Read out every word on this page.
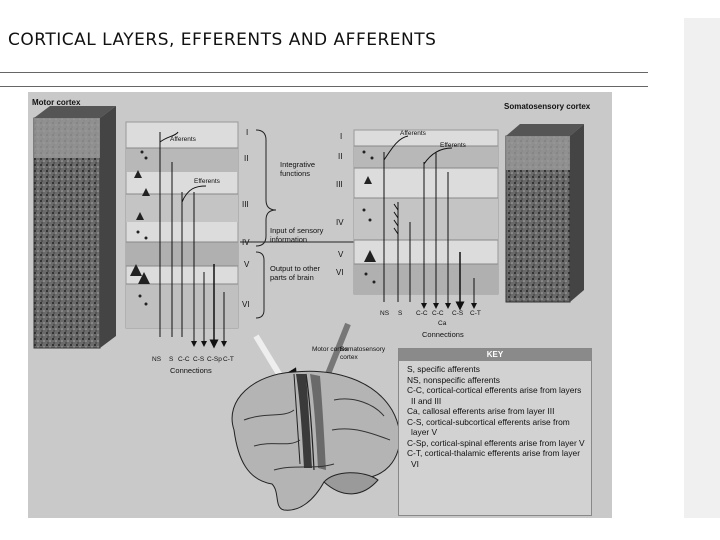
CORTICAL LAYERS, EFFERENTS AND AFFERENTS
Motor cortex	Somatosensory cortex
I
II
III
IV
V
VI
I
II
III
IV
V
VI
Afferents
Efferents
Afferents
Efferents
Integrative functions
Input of sensory information
Output to other parts of brain
NS S C-C C-S C-Sp C-T
Connections
NS S C-C C-C C-S C-T
Ca
Connections
Motor cortex
Somatosensory cortex	KEY
S, specific afferents
NS, nonspecific afferents
C-C, cortical-cortical efferents arise from layers II and III
Ca, callosal efferents arise from layer III
C-S, cortical-subcortical efferents arise from layer V
C-Sp, cortical-spinal efferents arise from layer V
C-T, cortical-thalamic efferents arise from layer VI
